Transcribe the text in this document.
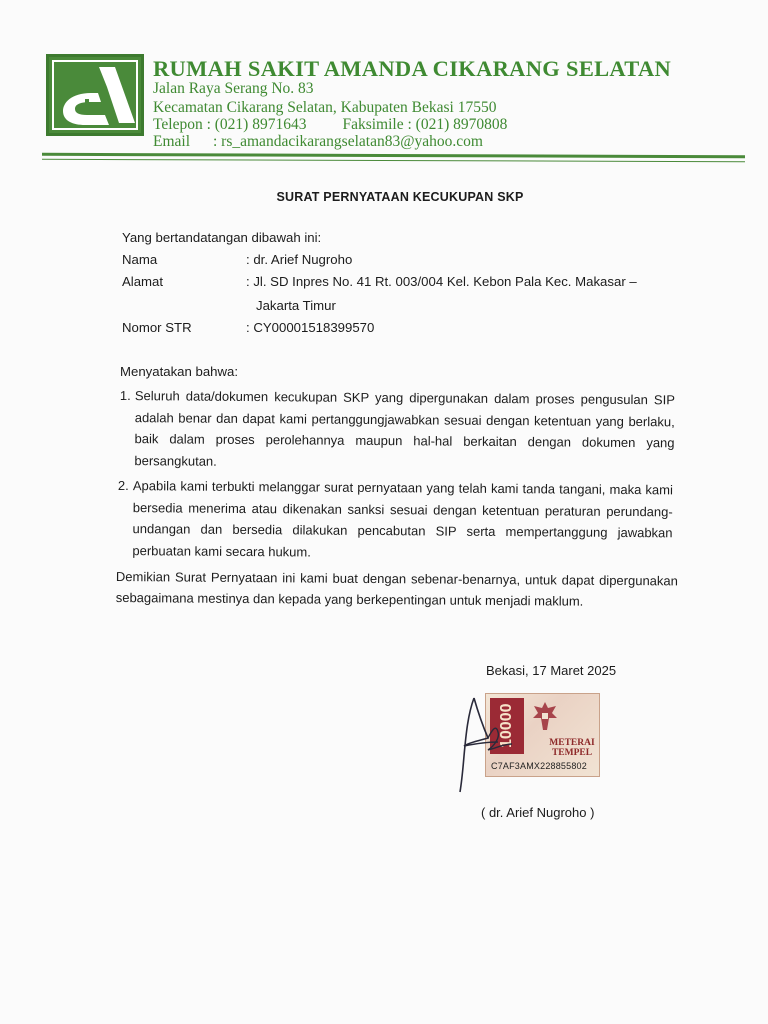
RUMAH SAKIT AMANDA CIKARANG SELATAN
Jalan Raya Serang No. 83
Kecamatan Cikarang Selatan, Kabupaten Bekasi 17550
Telepon : (021) 8971643 Faksimile : (021) 8970808
Email : rs_amandacikarangselatan83@yahoo.com
SURAT PERNYATAAN KECUKUPAN SKP
Yang bertandatangan dibawah ini:
Nama	: dr. Arief Nugroho
Alamat	: Jl. SD Inpres No. 41 Rt. 003/004 Kel. Kebon Pala Kec. Makasar –
Jakarta Timur
Nomor STR	: CY00001518399570
Menyatakan bahwa:
1. Seluruh data/dokumen kecukupan SKP yang dipergunakan dalam proses pengusulan SIP adalah benar dan dapat kami pertanggungjawabkan sesuai dengan ketentuan yang berlaku, baik dalam proses perolehannya maupun hal-hal berkaitan dengan dokumen yang bersangkutan.
2. Apabila kami terbukti melanggar surat pernyataan yang telah kami tanda tangani, maka kami bersedia menerima atau dikenakan sanksi sesuai dengan ketentuan peraturan perundang-undangan dan bersedia dilakukan pencabutan SIP serta mempertanggung jawabkan perbuatan kami secara hukum.
Demikian Surat Pernyataan ini kami buat dengan sebenar-benarnya, untuk dapat dipergunakan sebagaimana mestinya dan kepada yang berkepentingan untuk menjadi maklum.
Bekasi, 17 Maret 2025
10000	METERAI TEMPEL
C7AF3AMX228855802
( dr. Arief Nugroho )
